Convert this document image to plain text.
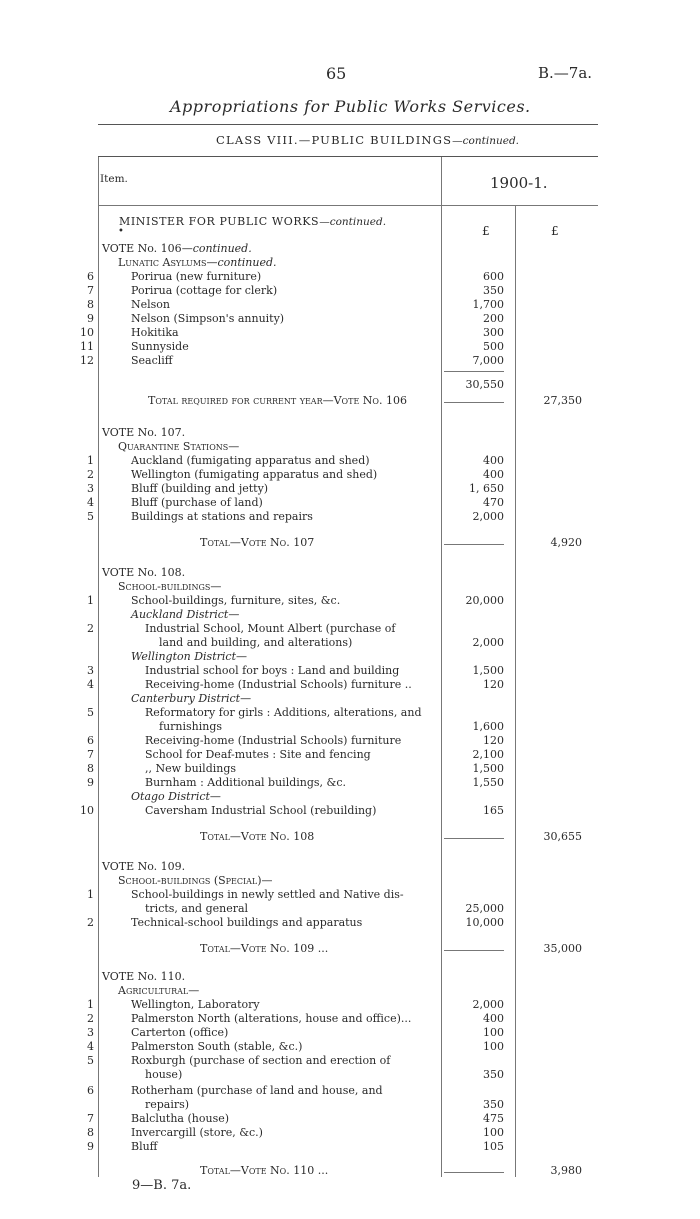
65	B.—7a.
Appropriations for Public Works Services.
CLASS VIII.—PUBLIC BUILDINGS—continued.
Item.	1900-1.
MINISTER FOR PUBLIC WORKS—continued.
•	£	£
VOTE No. 106—continued.
Lunatic Asylums—continued.
6	Porirua (new furniture)	600
7	Porirua (cottage for clerk)	350
8	Nelson	1,700
9	Nelson (Simpson's annuity)	200
10	Hokitika	300
11	Sunnyside	500
12	Seacliff	7,000
30,550
Total required for current year—Vote No. 106	27,350
VOTE No. 107.
Quarantine Stations—
1	Auckland (fumigating apparatus and shed)	400
2	Wellington (fumigating apparatus and shed)	400
3	Bluff (building and jetty)	1, 650
4	Bluff (purchase of land)	470
5	Buildings at stations and repairs	2,000
Total—Vote No. 107	4,920
VOTE No. 108.
School-buildings—
1	School-buildings, furniture, sites, &c.	20,000
Auckland District—
2	Industrial School, Mount Albert (purchase of
land and building, and alterations)	2,000
Wellington District—
3	Industrial school for boys : Land and building	1,500
4	Receiving-home (Industrial Schools) furniture ..	120
Canterbury District—
5	Reformatory for girls : Additions, alterations, and
furnishings	1,600
6	Receiving-home (Industrial Schools) furniture	120
7	School for Deaf-mutes : Site and fencing	2,100
8	,, New buildings	1,500
9	Burnham : Additional buildings, &c.	1,550
Otago District—
10	Caversham Industrial School (rebuilding)	165
Total—Vote No. 108	30,655
VOTE No. 109.
School-buildings (Special)—
1	School-buildings in newly settled and Native dis-
tricts, and general	25,000
2	Technical-school buildings and apparatus	10,000
Total—Vote No. 109 ...	35,000
VOTE No. 110.
Agricultural—
1	Wellington, Laboratory	2,000
2	Palmerston North (alterations, house and office)...	400
3	Carterton (office)	100
4	Palmerston South (stable, &c.)	100
5	Roxburgh (purchase of section and erection of
house)	350
6	Rotherham (purchase of land and house, and
repairs)	350
7	Balclutha (house)	475
8	Invercargill (store, &c.)	100
9	Bluff	105
Total—Vote No. 110 ...	3,980
9—B. 7a.
